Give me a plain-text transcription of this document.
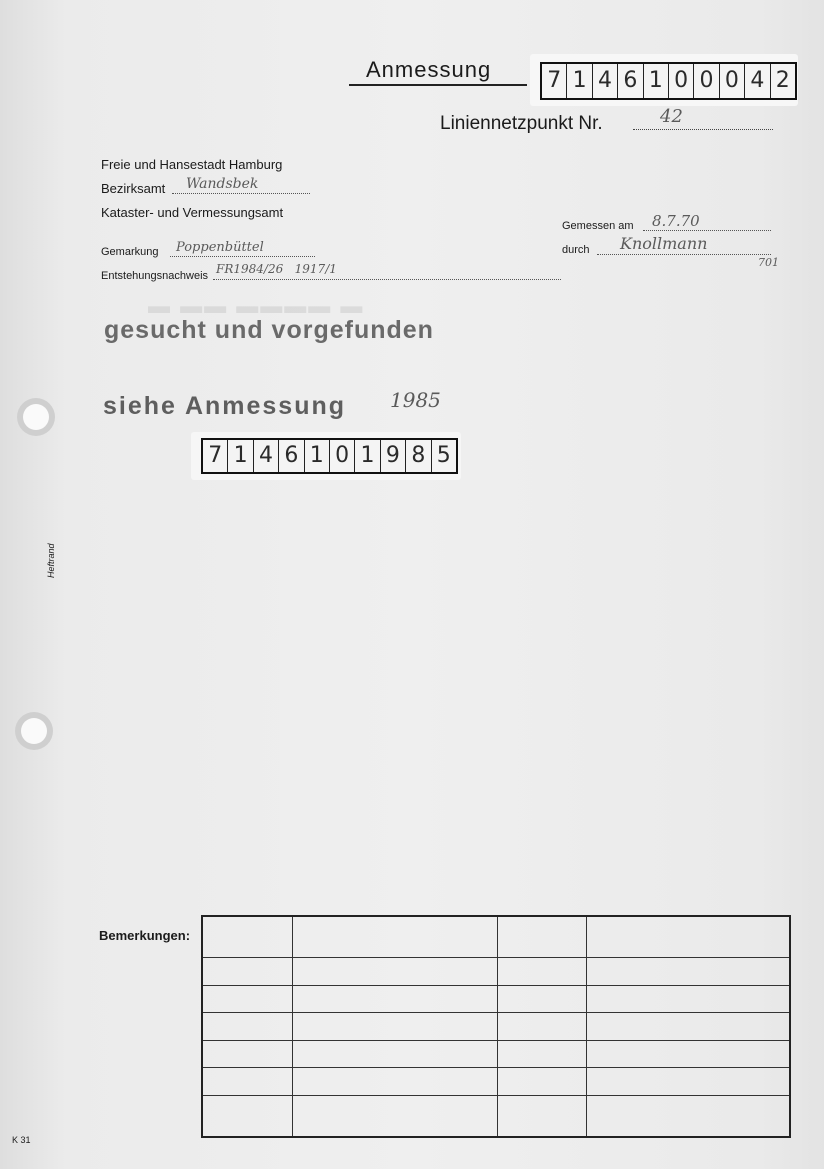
Anmessung	7 1 4 6 1 0 0 0 4 2
Liniennetzpunkt Nr.	42
Freie und Hansestadt Hamburg
Bezirksamt Wandsbek
Kataster- und Vermessungsamt
Gemarkung Poppenbüttel
Entstehungsnachweis FR1984/26   1917/1
Gemessen am 8.7.70
durch Knollmann
701
▬ ▬▬ ▬▬▬▬ ▬
gesucht und vorgefunden
siehe Anmessung 1985
7 1 4 6 1 0 1 9 8 5
Heftrand
K 31
Bemerkungen:
